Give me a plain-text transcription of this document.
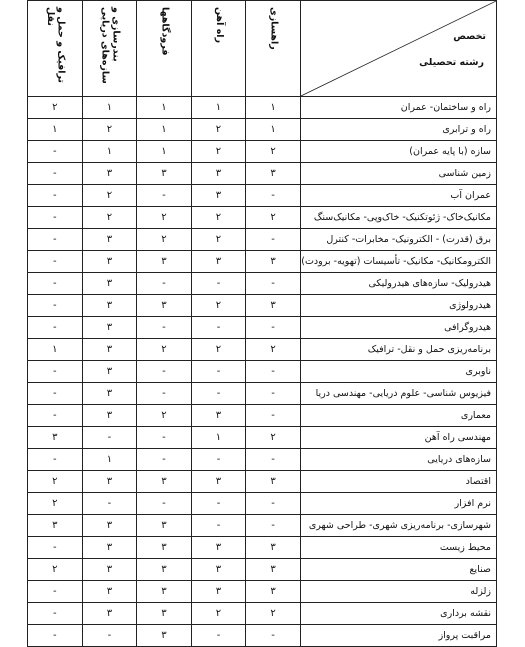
تخصص
رشته تحصیلی	راهسازی	راه آهن	فرودگاهها	بندرسازی و سازه‌های دریایی	ترافیک و حمل و نقل

راه و ساختمان- عمران	۱	۱	۱	۱	۲
راه و ترابری	۱	۲	۱	۲	۱
سازه (با پایه عمران)	۲	۲	۱	۱	-
زمین شناسی	۳	۳	۳	۳	-
عمران آب	-	۳	-	۲	-
مکانیک‌خاک- ژئوتکنیک- خاک‌وپی- مکانیک‌سنگ	۲	۲	۲	۲	-
برق (قدرت) - الکترونیک- مخابرات- کنترل	-	۲	۲	۳	-
الکترومکانیک- مکانیک- تأسیسات (تهویه- برودت)	۳	۳	۳	۳	-
هیدرولیک- سازه‌های هیدرولیکی	-	-	-	۳	-
هیدرولوژی	۳	۲	۳	۳	-
هیدروگرافی	-	-	-	۳	-
برنامه‌ریزی حمل و نقل- ترافیک	۲	۲	۲	۳	۱
ناوبری	-	-	-	۳	-
فیزیوس شناسی- علوم دریایی- مهندسی دریا	-	-	-	۳	-
معماری	-	۳	۲	۳	-
مهندسی راه آهن	۲	۱	-	-	۳
سازه‌های دریایی	-	-	-	۱	-
اقتصاد	۳	۳	۳	۳	۲
نرم افزار	-	-	-	-	۲
شهرسازی- برنامه‌ریزی شهری- طراحی شهری	-	-	۳	۳	۳
محیط زیست	۳	۳	۳	۳	-
صنایع	۳	۳	۳	۳	۲
زلزله	۳	۳	۳	۳	-
نقشه برداری	۲	۲	۳	۳	-
مراقبت پرواز	-	-	۳	-	-
